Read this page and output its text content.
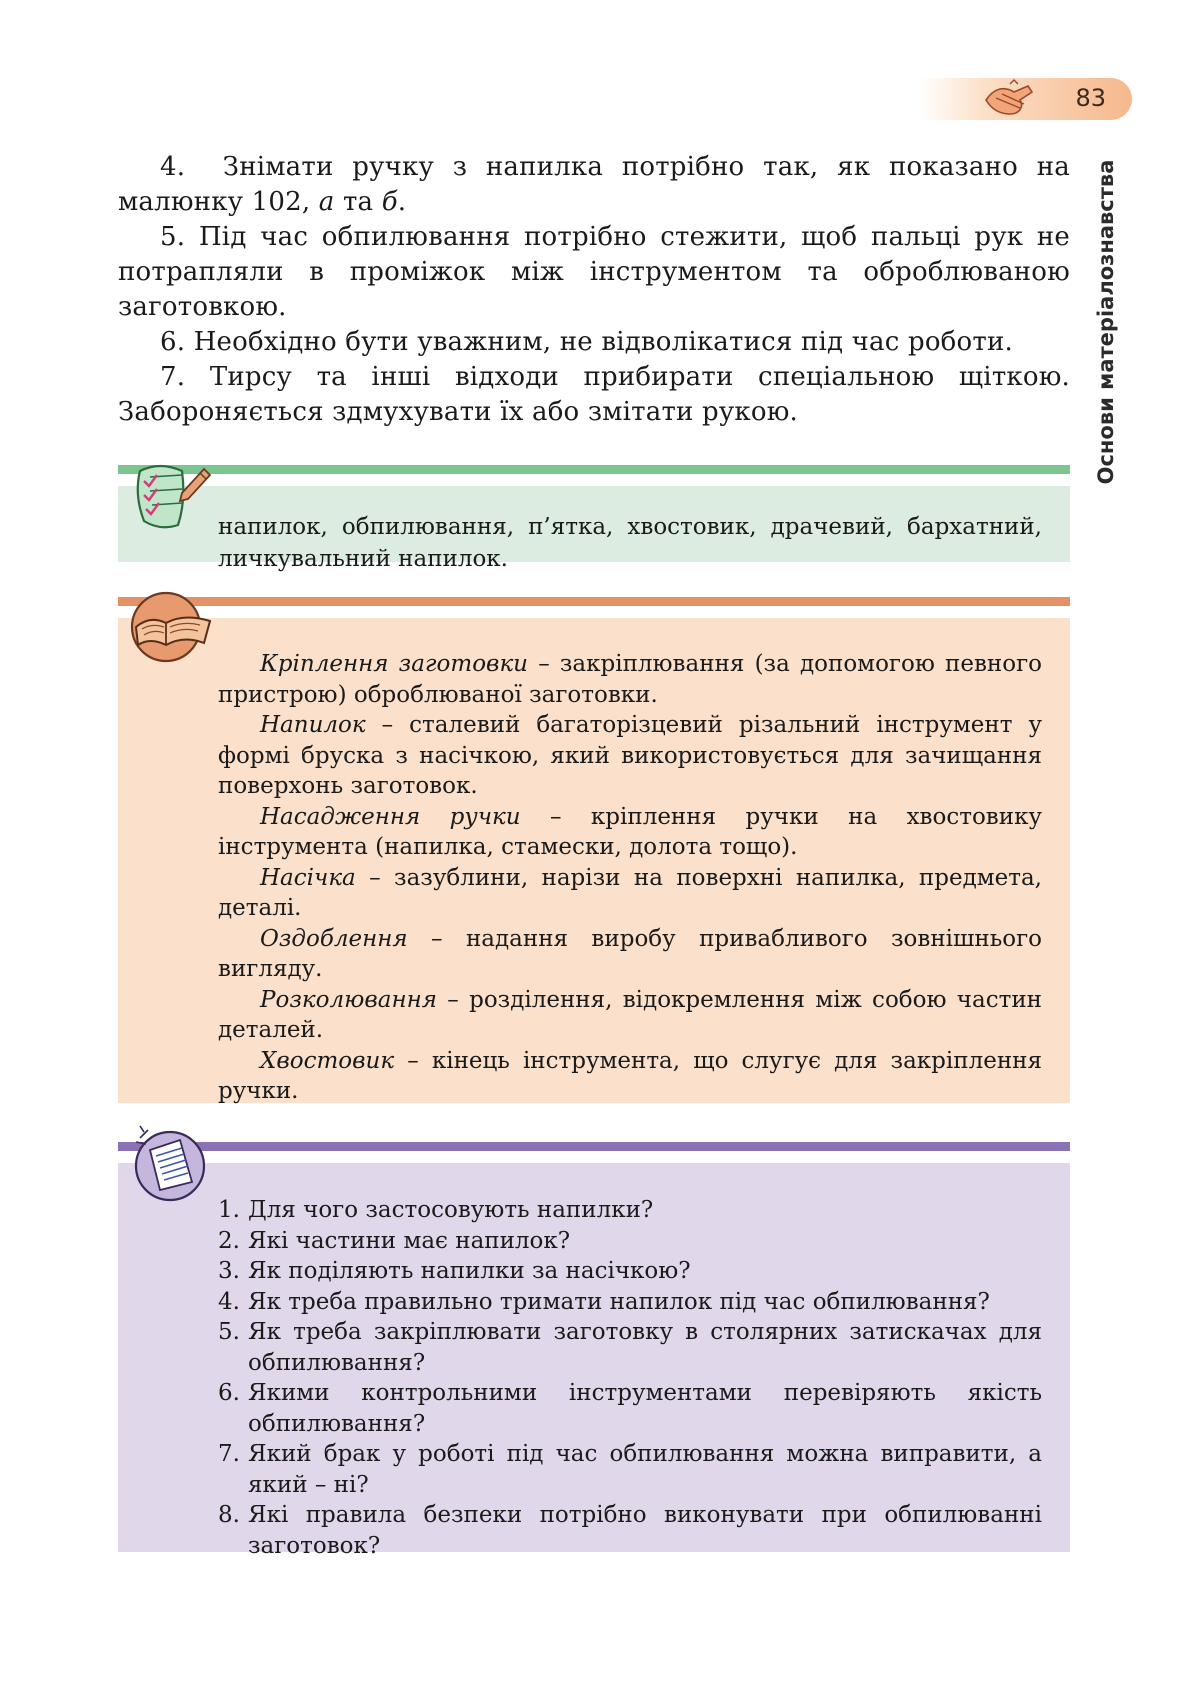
83
Основи матеріалознавства

4. Знімати ручку з напилка потрібно так, як показано на малюнку 102, а та б.

5. Під час обпилювання потрібно стежити, щоб пальці рук не потрапляли в проміжок між інструментом та оброблюваною заготовкою.

6. Необхідно бути уважним, не відволікатися під час роботи.

7. Тирсу та інші відходи прибирати спеціальною щіткою. Забороняється здмухувати їх або змітати рукою.

напилок, обпилювання, п’ятка, хвостовик, драчевий, бархатний, личкувальний напилок.

Кріплення заготовки – закріплювання (за допомогою певного пристрою) оброблюваної заготовки.

Напилок – сталевий багаторізцевий різальний інструмент у формі бруска з насічкою, який використовується для зачищання поверхонь заготовок.

Насадження ручки – кріплення ручки на хвостовику інструмента (напилка, стамески, долота тощо).

Насічка – зазублини, нарізи на поверхні напилка, предмета, деталі.

Оздоблення – надання виробу привабливого зовнішнього вигляду.

Розколювання – розділення, відокремлення між собою частин деталей.

Хвостовик – кінець інструмента, що слугує для закріплення ручки.

1. Для чого застосовують напилки?
2. Які частини має напилок?
3. Як поділяють напилки за насічкою?
4. Як треба правильно тримати напилок під час обпилювання?
5. Як треба закріплювати заготовку в столярних затискачах для обпилювання?
6. Якими контрольними інструментами перевіряють якість обпилювання?
7. Який брак у роботі під час обпилювання можна виправити, а який – ні?
8. Які правила безпеки потрібно виконувати при обпилюванні заготовок?
